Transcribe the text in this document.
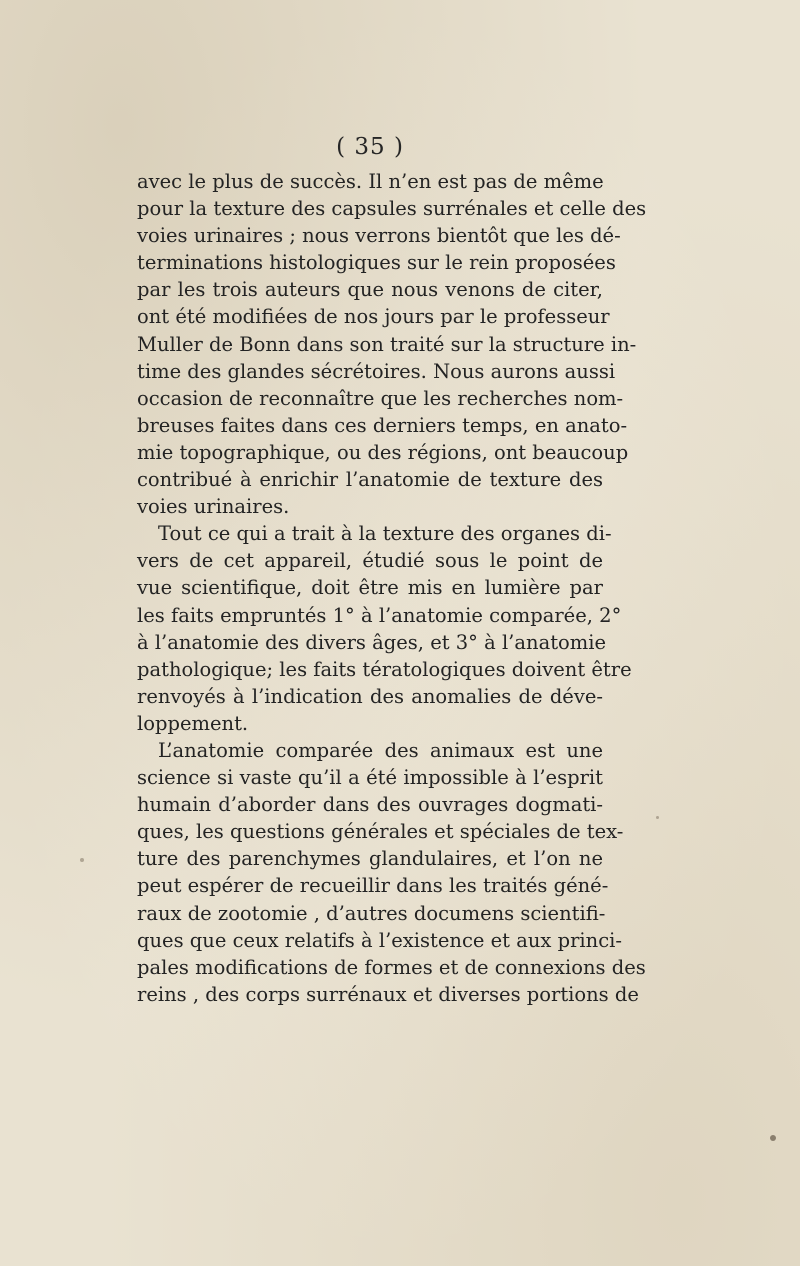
( 35 )
avec le plus de succès. Il n’en est pas de même
pour la texture des capsules surrénales et celle des
voies urinaires ; nous verrons bientôt que les dé-
terminations histologiques sur le rein proposées
par les trois auteurs que nous venons de citer,
ont été modifiées de nos jours par le professeur
Muller de Bonn dans son traité sur la structure in-
time des glandes sécrétoires. Nous aurons aussi
occasion de reconnaître que les recherches nom-
breuses faites dans ces derniers temps, en anato-
mie topographique, ou des régions, ont beaucoup
contribué à enrichir l’anatomie de texture des
voies urinaires.
Tout ce qui a trait à la texture des organes di-
vers de cet appareil, étudié sous le point de
vue scientifique, doit être mis en lumière par
les faits empruntés 1° à l’anatomie comparée, 2°
à l’anatomie des divers âges, et 3° à l’anatomie
pathologique; les faits tératologiques doivent être
renvoyés à l’indication des anomalies de déve-
loppement.
L’anatomie comparée des animaux est une
science si vaste qu’il a été impossible à l’esprit
humain d’aborder dans des ouvrages dogmati-
ques, les questions générales et spéciales de tex-
ture des parenchymes glandulaires, et l’on ne
peut espérer de recueillir dans les traités géné-
raux de zootomie , d’autres documens scientifi-
ques que ceux relatifs à l’existence et aux princi-
pales modifications de formes et de connexions des
reins , des corps surrénaux et diverses portions de
